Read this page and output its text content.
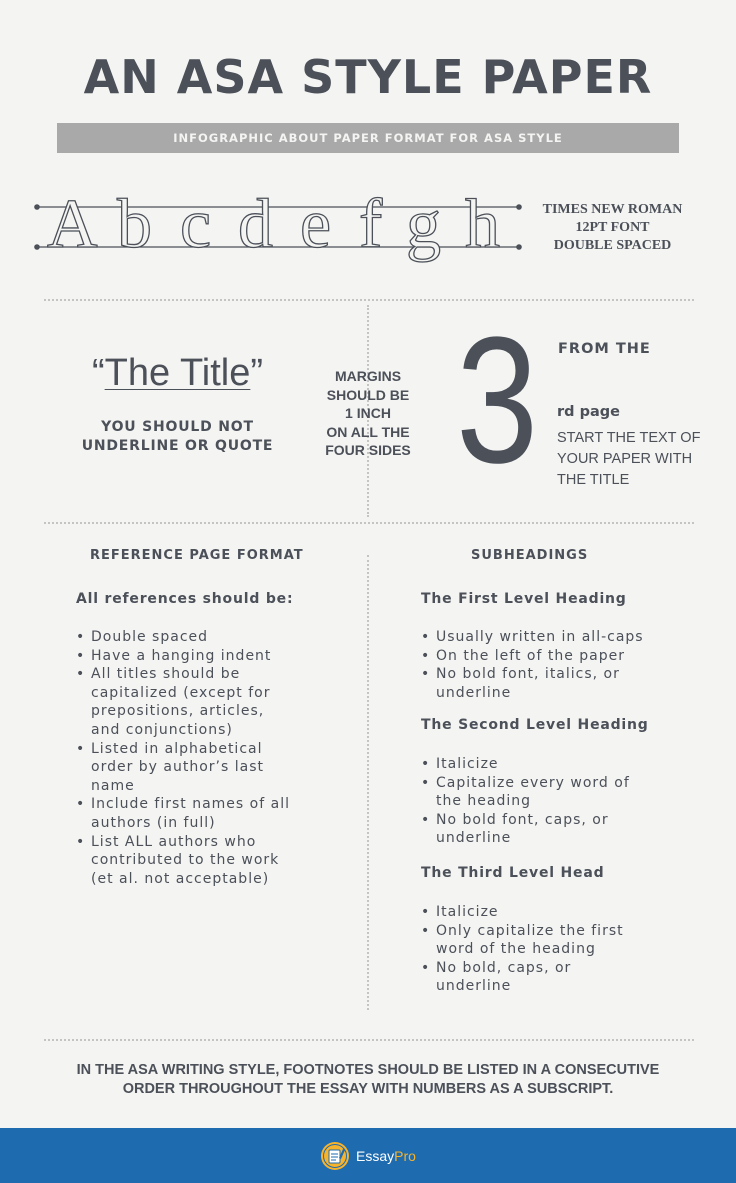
AN ASA STYLE PAPER
INFOGRAPHIC ABOUT PAPER FORMAT FOR ASA STYLE
A b c d e f g h	TIMES NEW ROMAN
12PT FONT
DOUBLE SPACED
“The Title”
YOU SHOULD NOT
UNDERLINE OR QUOTE
MARGINS
SHOULD BE
1 INCH
ON ALL THE
FOUR SIDES 3 FROM THE
rd page
START THE TEXT OF
YOUR PAPER WITH
THE TITLE
REFERENCE PAGE FORMAT
All references should be:
• Double spaced
• Have a hanging indent
• All titles should be
capitalized (except for
prepositions, articles,
and conjunctions)
• Listed in alphabetical
order by author’s last
name
• Include first names of all
authors (in full)
• List ALL authors who
contributed to the work
(et al. not acceptable)
SUBHEADINGS
The First Level Heading
• Usually written in all-caps
• On the left of the paper
• No bold font, italics, or
underline
The Second Level Heading
• Italicize
• Capitalize every word of
the heading
• No bold font, caps, or
underline
The Third Level Head
• Italicize
• Only capitalize the first
word of the heading
• No bold, caps, or
underline
IN THE ASA WRITING STYLE, FOOTNOTES SHOULD BE LISTED IN A CONSECUTIVE
ORDER THROUGHOUT THE ESSAY WITH NUMBERS AS A SUBSCRIPT.
EssayPro
